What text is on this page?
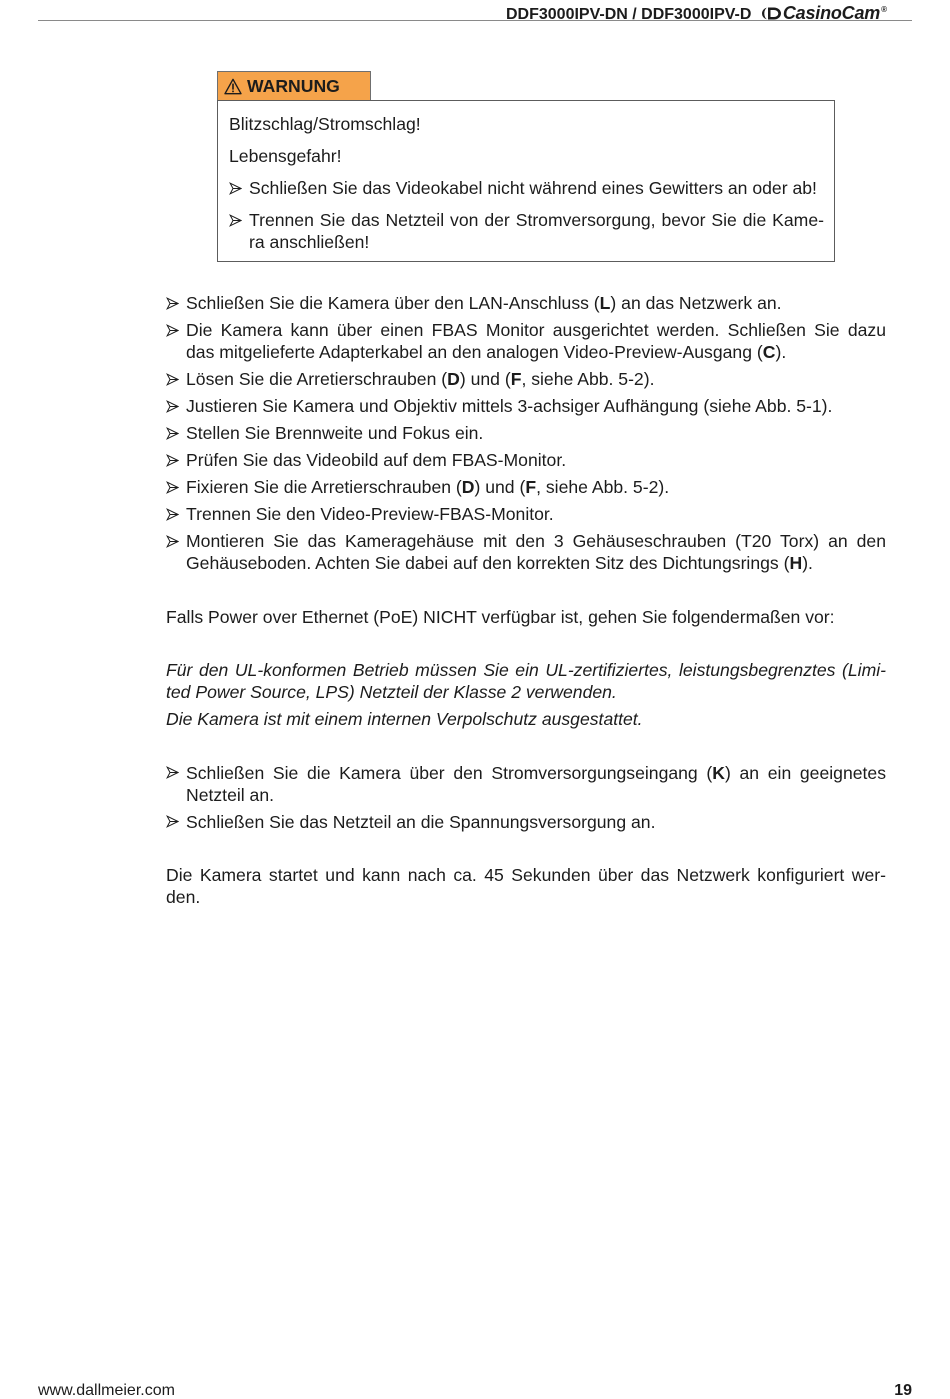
DDF3000IPV-DN / DDF3000IPV-D CasinoCam®
WARNUNG
Blitzschlag/Stromschlag!
Lebensgefahr!
Schließen Sie das Videokabel nicht während eines Gewitters an oder ab!
Trennen Sie das Netzteil von der Stromversorgung, bevor Sie die Kame-
ra anschließen!
Schließen Sie die Kamera über den LAN-Anschluss (L) an das Netzwerk an.
Die Kamera kann über einen FBAS Monitor ausgerichtet werden. Schließen Sie dazu
das mitgelieferte Adapterkabel an den analogen Video-Preview-Ausgang (C).
Lösen Sie die Arretierschrauben (D) und (F, siehe Abb. 5-2).
Justieren Sie Kamera und Objektiv mittels 3-achsiger Aufhängung (siehe Abb. 5-1).
Stellen Sie Brennweite und Fokus ein.
Prüfen Sie das Videobild auf dem FBAS-Monitor.
Fixieren Sie die Arretierschrauben (D) und (F, siehe Abb. 5-2).
Trennen Sie den Video-Preview-FBAS-Monitor.
Montieren Sie das Kameragehäuse mit den 3 Gehäuseschrauben (T20 Torx) an den
Gehäuseboden. Achten Sie dabei auf den korrekten Sitz des Dichtungsrings (H).
Falls Power over Ethernet (PoE) NICHT verfügbar ist, gehen Sie folgendermaßen vor:
Für den UL-konformen Betrieb müssen Sie ein UL-zertifiziertes, leistungsbegrenztes (Limi-
ted Power Source, LPS) Netzteil der Klasse 2 verwenden.
Die Kamera ist mit einem internen Verpolschutz ausgestattet.
Schließen Sie die Kamera über den Stromversorgungseingang (K) an ein geeignetes
Netzteil an.
Schließen Sie das Netzteil an die Spannungsversorgung an.
Die Kamera startet und kann nach ca. 45 Sekunden über das Netzwerk konfiguriert wer-
den.
www.dallmeier.com	19
